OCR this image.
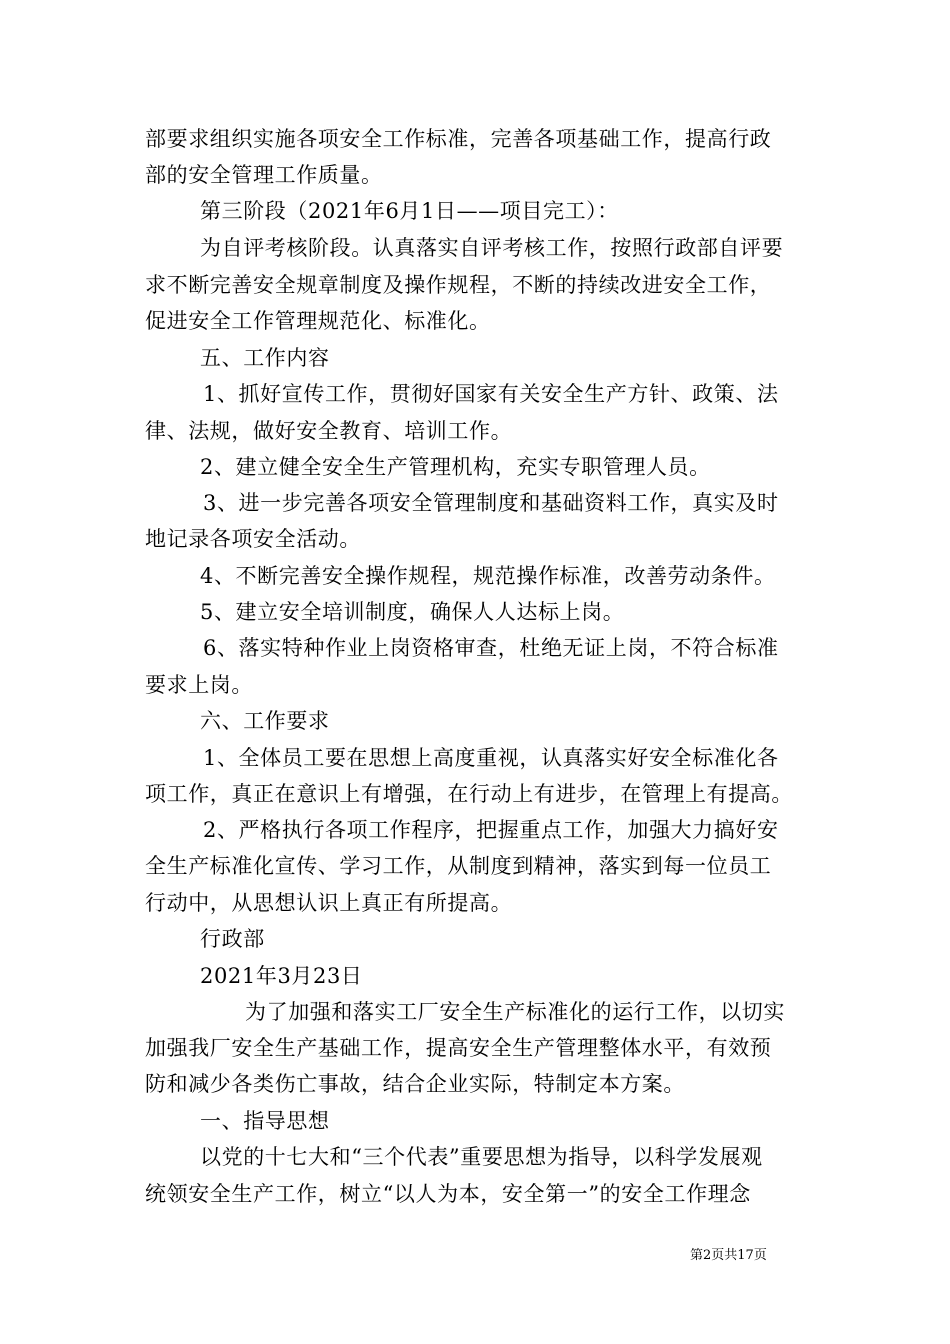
部要求组织实施各项安全工作标准，完善各项基础工作，提高行政
部的安全管理工作质量。
第三阶段（2021年6月1日——项目完工）：
为自评考核阶段。认真落实自评考核工作，按照行政部自评要
求不断完善安全规章制度及操作规程，不断的持续改进安全工作，
促进安全工作管理规范化、标准化。
五、工作内容
1、抓好宣传工作，贯彻好国家有关安全生产方针、政策、法
律、法规，做好安全教育、培训工作。
2、建立健全安全生产管理机构，充实专职管理人员。
3、进一步完善各项安全管理制度和基础资料工作，真实及时
地记录各项安全活动。
4、不断完善安全操作规程，规范操作标准，改善劳动条件。
5、建立安全培训制度，确保人人达标上岗。
6、落实特种作业上岗资格审查，杜绝无证上岗，不符合标准
要求上岗。
六、工作要求
1、全体员工要在思想上高度重视，认真落实好安全标准化各
项工作，真正在意识上有增强，在行动上有进步，在管理上有提高。
2、严格执行各项工作程序，把握重点工作，加强大力搞好安
全生产标准化宣传、学习工作，从制度到精神，落实到每一位员工
行动中，从思想认识上真正有所提高。
行政部
2021年3月23日
为了加强和落实工厂安全生产标准化的运行工作，以切实
加强我厂安全生产基础工作，提高安全生产管理整体水平，有效预
防和减少各类伤亡事故，结合企业实际，特制定本方案。
一、指导思想
以党的十七大和“三个代表”重要思想为指导，以科学发展观
统领安全生产工作，树立“以人为本，安全第一”的安全工作理念
第2页共17页
